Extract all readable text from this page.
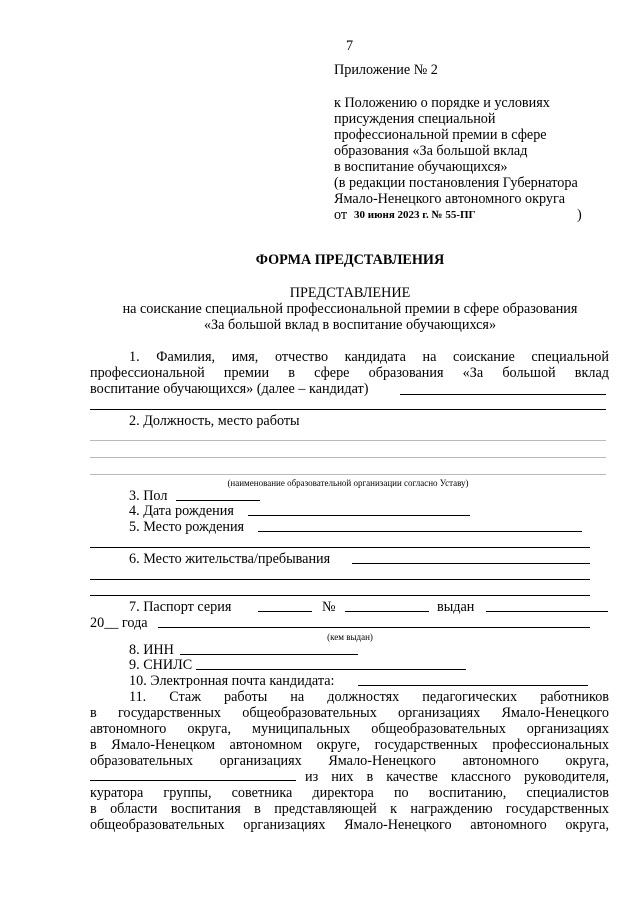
7
Приложение № 2
к Положению о порядке и условиях
присуждения специальной
профессиональной премии в сфере
образования «За большой вклад
в воспитание обучающихся»
(в редакции постановления Губернатора
Ямало-Ненецкого автономного округа
от 30 июня 2023 г. № 55-ПГ	)
ФОРМА ПРЕДСТАВЛЕНИЯ
ПРЕДСТАВЛЕНИЕ
на соискание специальной профессиональной премии в сфере образования
«За большой вклад в воспитание обучающихся»
1. Фамилия, имя, отчество кандидата на соискание специальной
профессиональной премии в сфере образования «За большой вклад
воспитание обучающихся» (далее – кандидат)
2. Должность, место работы
(наименование образовательной организации согласно Уставу)
3. Пол
4. Дата рождения
5. Место рождения
6. Место жительства/пребывания
7. Паспорт серия	№	выдан
20__ года
(кем выдан)
8. ИНН
9. СНИЛС
10. Электронная почта кандидата:
11. Стаж работы на должностях педагогических работников
в государственных общеобразовательных организациях Ямало-Ненецкого
автономного округа, муниципальных общеобразовательных организациях
в Ямало-Ненецком автономном округе, государственных профессиональных
образовательных организациях Ямало-Ненецкого автономного округа,
из них в качестве классного руководителя,
куратора группы, советника директора по воспитанию, специалистов
в области воспитания в представляющей к награждению государственных
общеобразовательных организациях Ямало-Ненецкого автономного округа,
